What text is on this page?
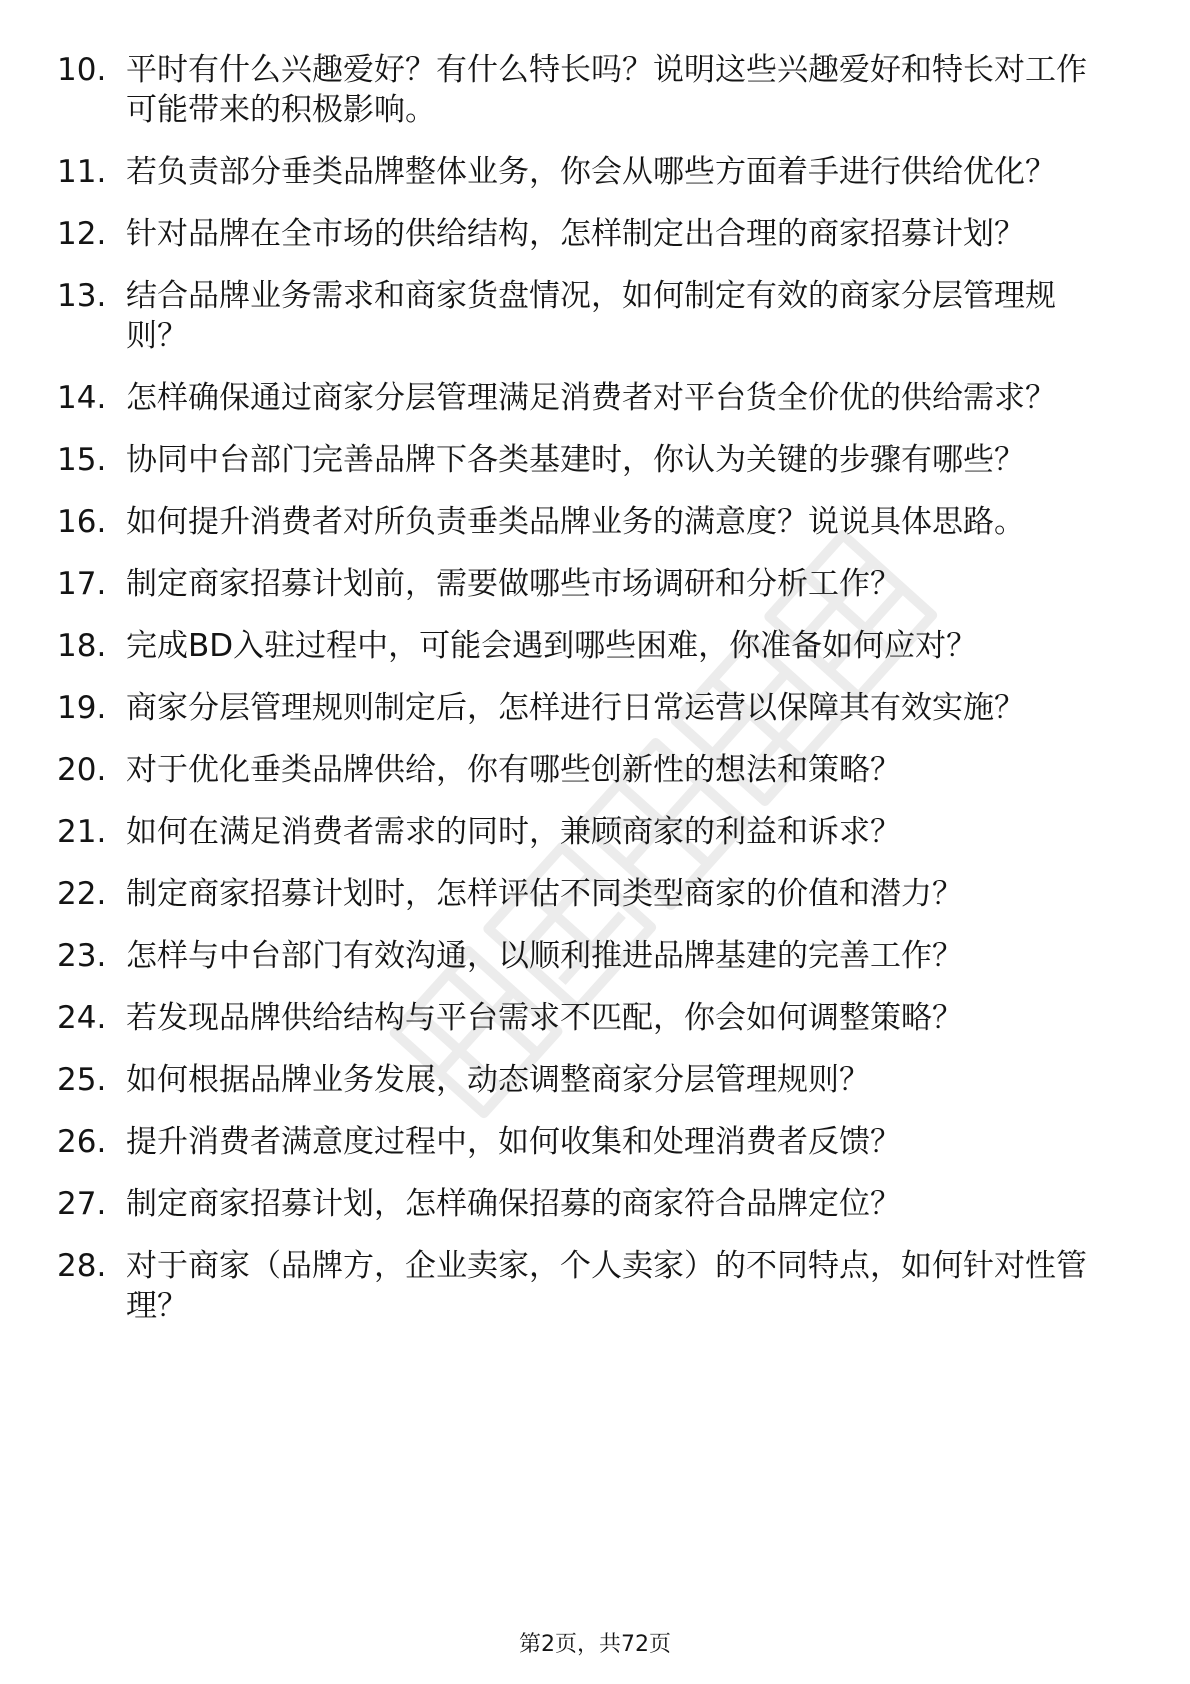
10. 平时有什么兴趣爱好？有什么特长吗？说明这些兴趣爱好和特长对工作可能带来的积极影响。
11. 若负责部分垂类品牌整体业务，你会从哪些方面着手进行供给优化？
12. 针对品牌在全市场的供给结构，怎样制定出合理的商家招募计划？
13. 结合品牌业务需求和商家货盘情况，如何制定有效的商家分层管理规则？
14. 怎样确保通过商家分层管理满足消费者对平台货全价优的供给需求？
15. 协同中台部门完善品牌下各类基建时，你认为关键的步骤有哪些？
16. 如何提升消费者对所负责垂类品牌业务的满意度？说说具体思路。
17. 制定商家招募计划前，需要做哪些市场调研和分析工作？
18. 完成BD入驻过程中，可能会遇到哪些困难，你准备如何应对？
19. 商家分层管理规则制定后，怎样进行日常运营以保障其有效实施？
20. 对于优化垂类品牌供给，你有哪些创新性的想法和策略？
21. 如何在满足消费者需求的同时，兼顾商家的利益和诉求？
22. 制定商家招募计划时，怎样评估不同类型商家的价值和潜力？
23. 怎样与中台部门有效沟通，以顺利推进品牌基建的完善工作？
24. 若发现品牌供给结构与平台需求不匹配，你会如何调整策略？
25. 如何根据品牌业务发展，动态调整商家分层管理规则？
26. 提升消费者满意度过程中，如何收集和处理消费者反馈？
27. 制定商家招募计划，怎样确保招募的商家符合品牌定位？
28. 对于商家（品牌方，企业卖家，个人卖家）的不同特点，如何针对性管理？
第2页，共72页
